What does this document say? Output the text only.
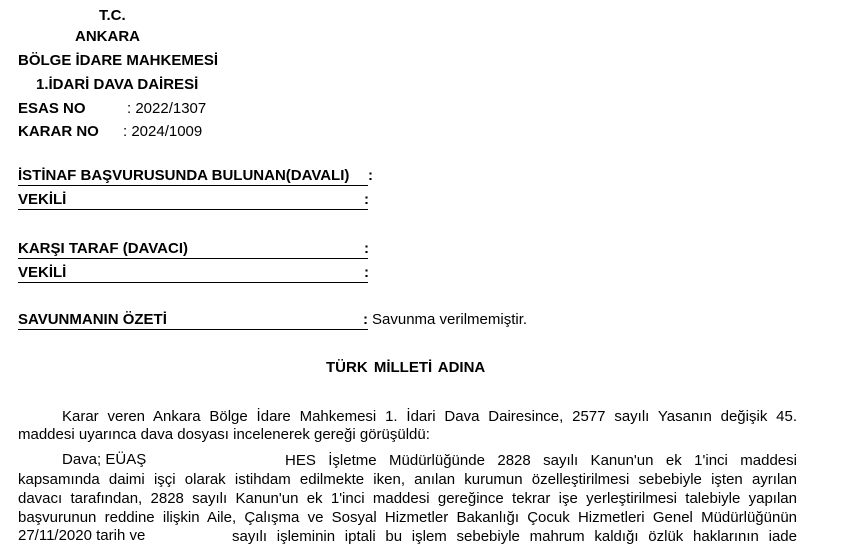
T.C.
ANKARA
BÖLGE İDARE MAHKEMESİ
1.İDARİ DAVA DAİRESİ
ESAS NO	: 2022/1307
KARAR NO : 2024/1009
İSTİNAF BAŞVURUSUNDA BULUNAN(DAVALI)	:
VEKİLİ	:
KARŞI TARAF (DAVACI)	:
VEKİLİ	:
SAVUNMANIN ÖZETİ	: Savunma verilmemiştir.
TÜRK MİLLETİ ADINA
Karar veren Ankara Bölge İdare Mahkemesi 1. İdari Dava Dairesince, 2577 sayılı Yasanın değişik 45.
maddesi uyarınca dava dosyası incelenerek gereği görüşüldü:
Dava; EÜAŞ	HES İşletme Müdürlüğünde 2828 sayılı Kanun'un ek 1'inci maddesi
kapsamında daimi işçi olarak istihdam edilmekte iken, anılan kurumun özelleştirilmesi sebebiyle işten ayrılan
davacı tarafından, 2828 sayılı Kanun'un ek 1'inci maddesi gereğince tekrar işe yerleştirilmesi talebiyle yapılan
başvurunun reddine ilişkin Aile, Çalışma ve Sosyal Hizmetler Bakanlığı Çocuk Hizmetleri Genel Müdürlüğünün
27/11/2020 tarih ve	sayılı işleminin iptali bu işlem sebebiyle mahrum kaldığı özlük haklarının iade
